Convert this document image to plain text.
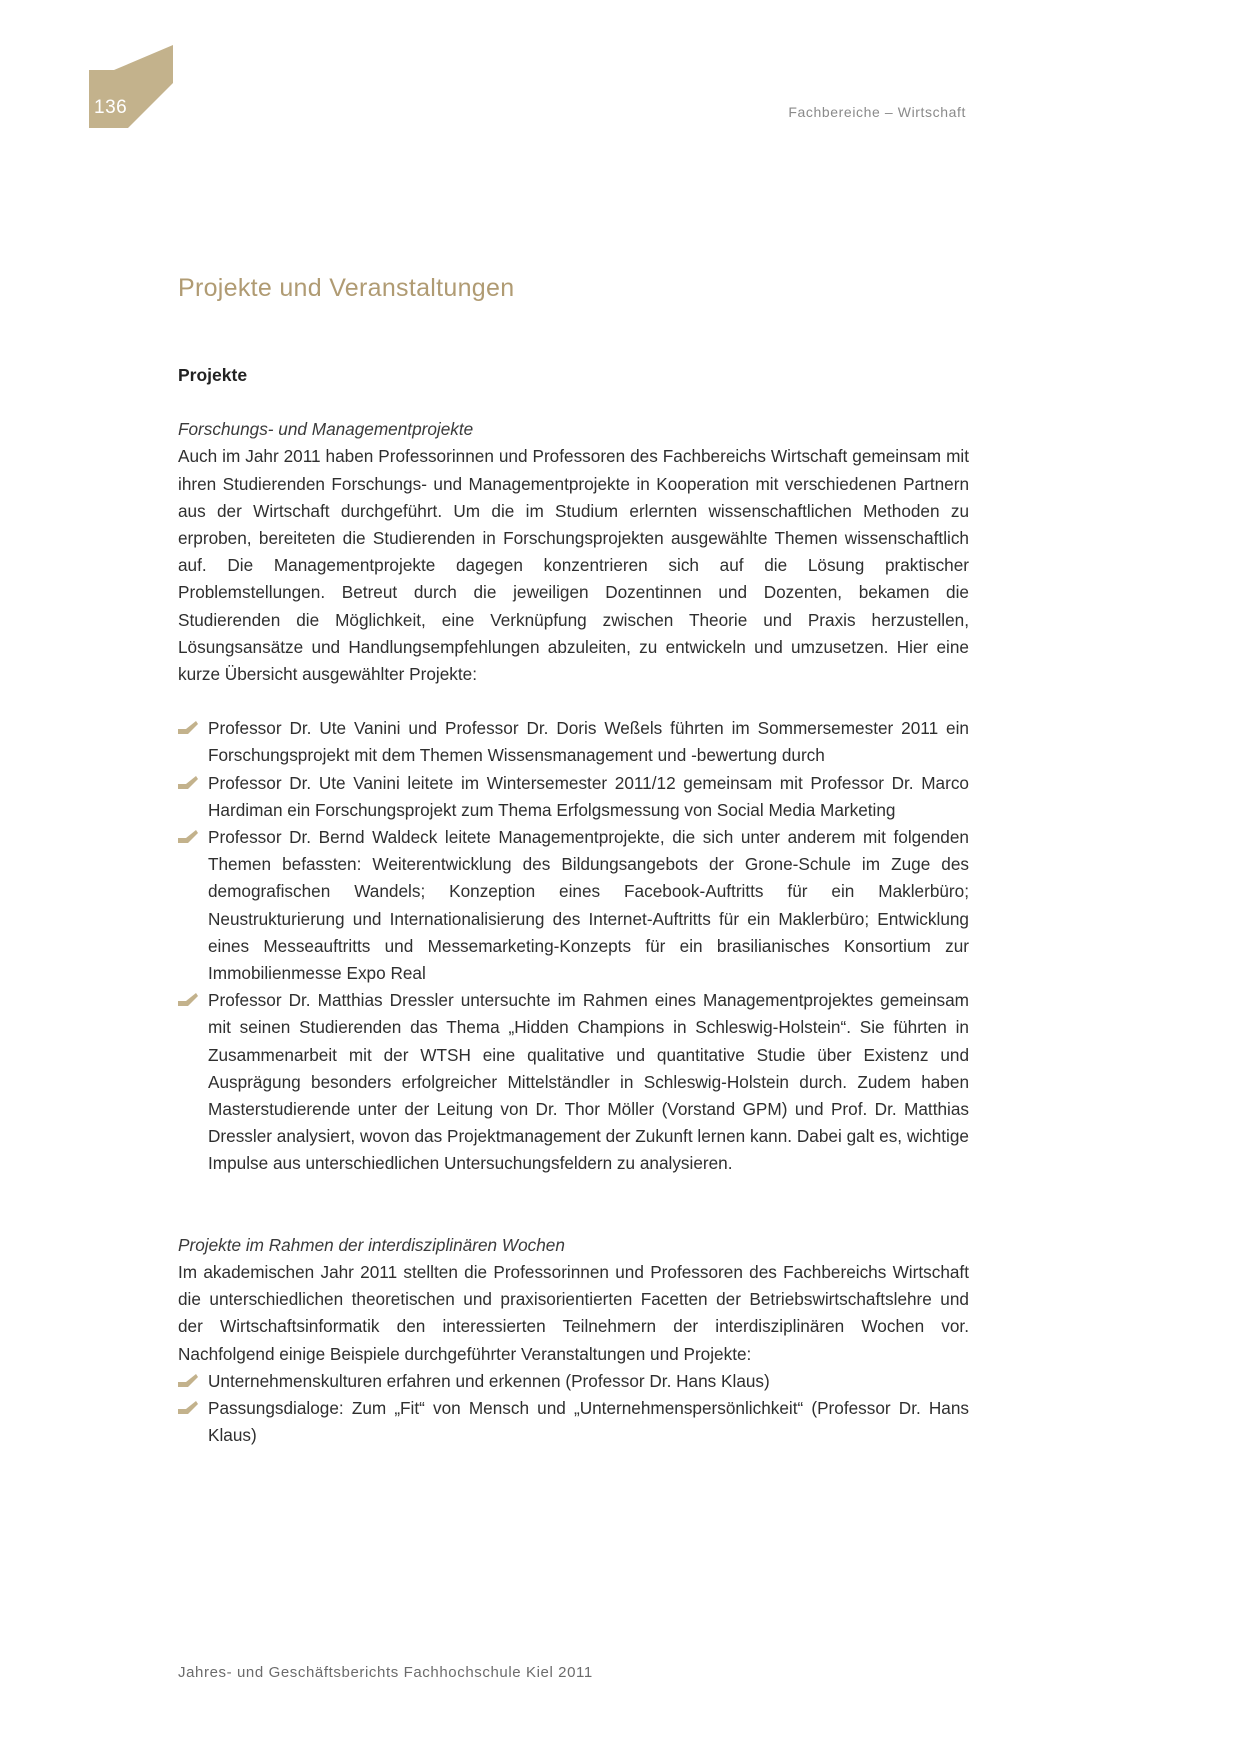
136	Fachbereiche – Wirtschaft
Projekte und Veranstaltungen
Projekte
Forschungs- und Managementprojekte

Auch im Jahr 2011 haben Professorinnen und Professoren des Fachbereichs Wirtschaft gemeinsam mit ihren Studierenden Forschungs- und Managementprojekte in Kooperation mit verschiedenen Partnern aus der Wirtschaft durchgeführt. Um die im Studium erlernten wissenschaftlichen Methoden zu erproben, bereiteten die Studierenden in Forschungsprojekten ausgewählte Themen wissenschaftlich auf. Die Managementprojekte dagegen konzentrieren sich auf die Lösung praktischer Problemstellungen. Betreut durch die jeweiligen Dozentinnen und Dozenten, bekamen die Studierenden die Möglichkeit, eine Verknüpfung zwischen Theorie und Praxis herzustellen, Lösungsansätze und Handlungsempfehlungen abzuleiten, zu entwickeln und umzusetzen. Hier eine kurze Übersicht ausgewählter Projekte:

Professor Dr. Ute Vanini und Professor Dr. Doris Weßels führten im Sommersemester 2011 ein Forschungsprojekt mit dem Themen Wissensmanagement und -bewertung durch
Professor Dr. Ute Vanini leitete im Wintersemester 2011/12 gemeinsam mit Professor Dr. Marco Hardiman ein Forschungsprojekt zum Thema Erfolgsmessung von Social Media Marketing
Professor Dr. Bernd Waldeck leitete Managementprojekte, die sich unter anderem mit folgenden Themen befassten: Weiterentwicklung des Bildungsangebots der Grone-Schule im Zuge des demografischen Wandels; Konzeption eines Facebook-Auftritts für ein Maklerbüro; Neustrukturierung und Internationalisierung des Internet-Auftritts für ein Maklerbüro; Entwicklung eines Messeauftritts und Messemarketing-Konzepts für ein brasilianisches Konsortium zur Immobilienmesse Expo Real
Professor Dr. Matthias Dressler untersuchte im Rahmen eines Managementprojektes gemeinsam mit seinen Studierenden das Thema „Hidden Champions in Schleswig-Holstein“. Sie führten in Zusammenarbeit mit der WTSH eine qualitative und quantitative Studie über Existenz und Ausprägung besonders erfolgreicher Mittelständler in Schleswig-Holstein durch. Zudem haben Masterstudierende unter der Leitung von Dr. Thor Möller (Vorstand GPM) und Prof. Dr. Matthias Dressler analysiert, wovon das Projektmanagement der Zukunft lernen kann. Dabei galt es, wichtige Impulse aus unterschiedlichen Untersuchungsfeldern zu analysieren.
Projekte im Rahmen der interdisziplinären Wochen

Im akademischen Jahr 2011 stellten die Professorinnen und Professoren des Fachbereichs Wirtschaft die unterschiedlichen theoretischen und praxisorientierten Facetten der Betriebswirtschaftslehre und der Wirtschaftsinformatik den interessierten Teilnehmern der interdisziplinären Wochen vor. Nachfolgend einige Beispiele durchgeführter Veranstaltungen und Projekte:

Unternehmenskulturen erfahren und erkennen (Professor Dr. Hans Klaus)
Passungsdialoge: Zum „Fit“ von Mensch und „Unternehmenspersönlichkeit“ (Professor Dr. Hans Klaus)
Jahres- und Geschäftsberichts Fachhochschule Kiel 2011
